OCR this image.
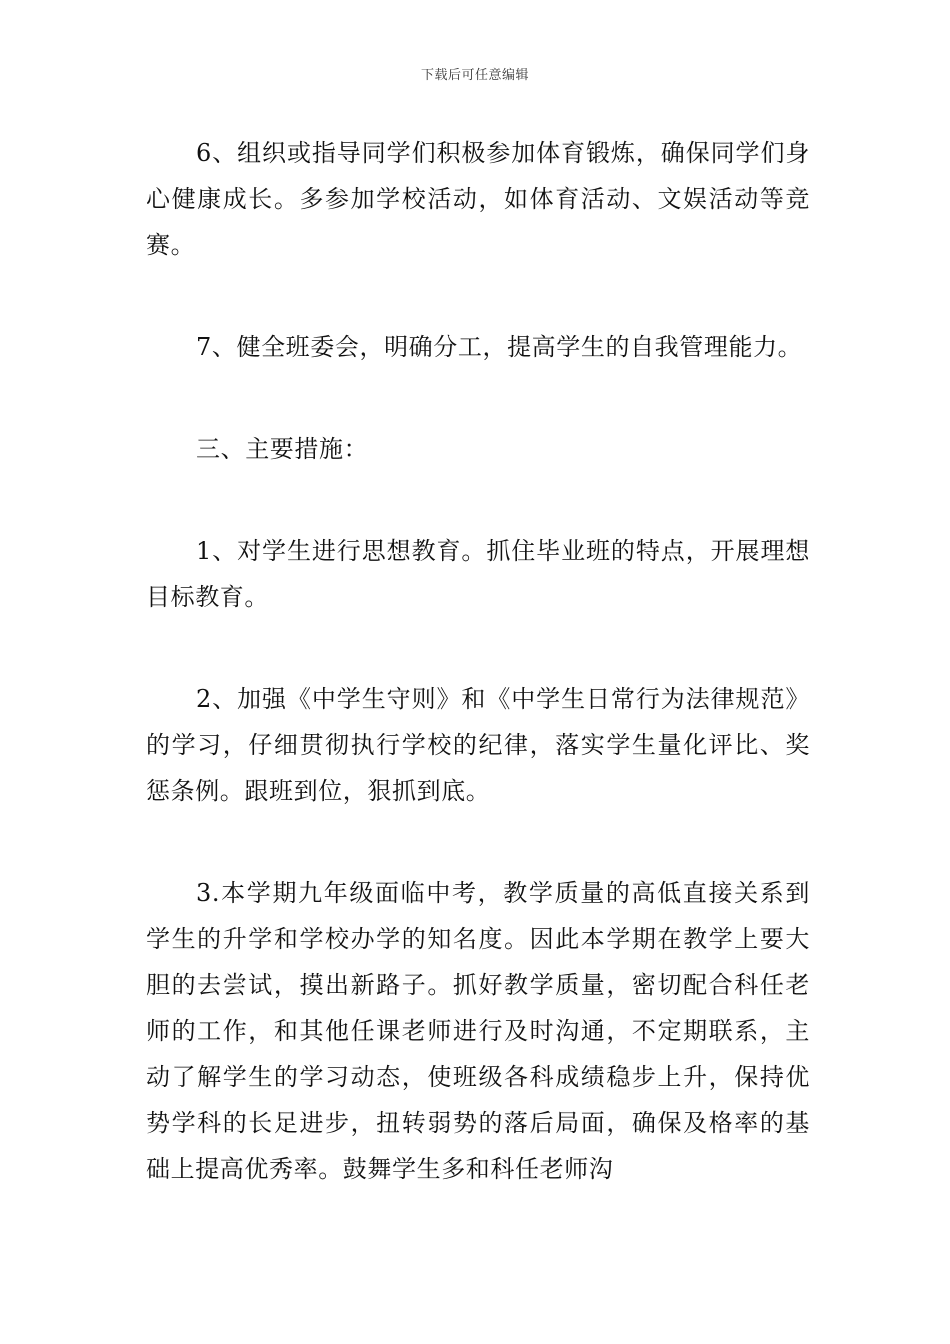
下载后可任意编辑

6、组织或指导同学们积极参加体育锻炼，确保同学们身心健康成长。多参加学校活动，如体育活动、文娱活动等竞赛。

7、健全班委会，明确分工，提高学生的自我管理能力。

三、主要措施：

1、对学生进行思想教育。抓住毕业班的特点，开展理想目标教育。

2、加强《中学生守则》和《中学生日常行为法律规范》的学习，仔细贯彻执行学校的纪律，落实学生量化评比、奖惩条例。跟班到位，狠抓到底。

3.本学期九年级面临中考，教学质量的高低直接关系到学生的升学和学校办学的知名度。因此本学期在教学上要大胆的去尝试，摸出新路子。抓好教学质量，密切配合科任老师的工作，和其他任课老师进行及时沟通，不定期联系，主动了解学生的学习动态，使班级各科成绩稳步上升，保持优势学科的长足进步，扭转弱势的落后局面，确保及格率的基础上提高优秀率。鼓舞学生多和科任老师沟
